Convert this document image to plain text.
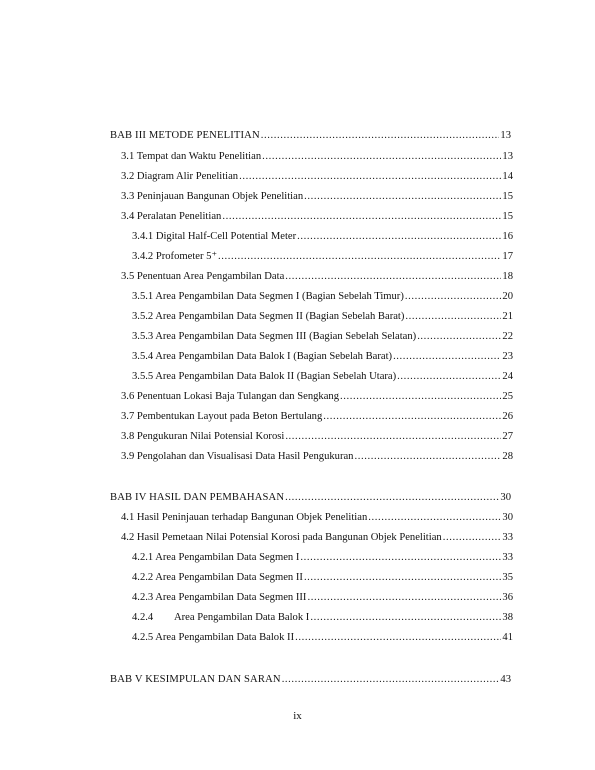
BAB III METODE PENELITIAN .....	13
3.1 Tempat dan Waktu Penelitian .....	13
3.2 Diagram Alir Penelitian .....	14
3.3 Peninjauan Bangunan Objek Penelitian .....	15
3.4 Peralatan Penelitian .....	15
3.4.1 Digital Half-Cell Potential Meter .....	16
3.4.2 Profometer 5⁺ .....	17
3.5 Penentuan Area Pengambilan Data .....	18
3.5.1 Area Pengambilan Data Segmen I (Bagian Sebelah Timur) .....	20
3.5.2 Area Pengambilan Data Segmen II (Bagian Sebelah Barat) .....	21
3.5.3 Area Pengambilan Data Segmen III (Bagian Sebelah Selatan) .....	22
3.5.4 Area Pengambilan Data Balok I (Bagian Sebelah Barat) .....	23
3.5.5 Area Pengambilan Data Balok II (Bagian Sebelah Utara) .....	24
3.6 Penentuan Lokasi Baja Tulangan dan Sengkang .....	25
3.7 Pembentukan Layout pada Beton Bertulang .....	26
3.8 Pengukuran Nilai Potensial Korosi .....	27
3.9 Pengolahan dan Visualisasi Data Hasil Pengukuran .....	28
BAB IV HASIL DAN PEMBAHASAN .....	30
4.1 Hasil Peninjauan terhadap Bangunan Objek Penelitian .....	30
4.2 Hasil Pemetaan Nilai Potensial Korosi pada Bangunan Objek Penelitian .....	33
4.2.1 Area Pengambilan Data Segmen I .....	33
4.2.2 Area Pengambilan Data Segmen II .....	35
4.2.3 Area Pengambilan Data Segmen III .....	36
4.2.4	Area Pengambilan Data Balok I .....	38
4.2.5 Area Pengambilan Data Balok II .....	41
BAB V KESIMPULAN DAN SARAN .....	43
ix
